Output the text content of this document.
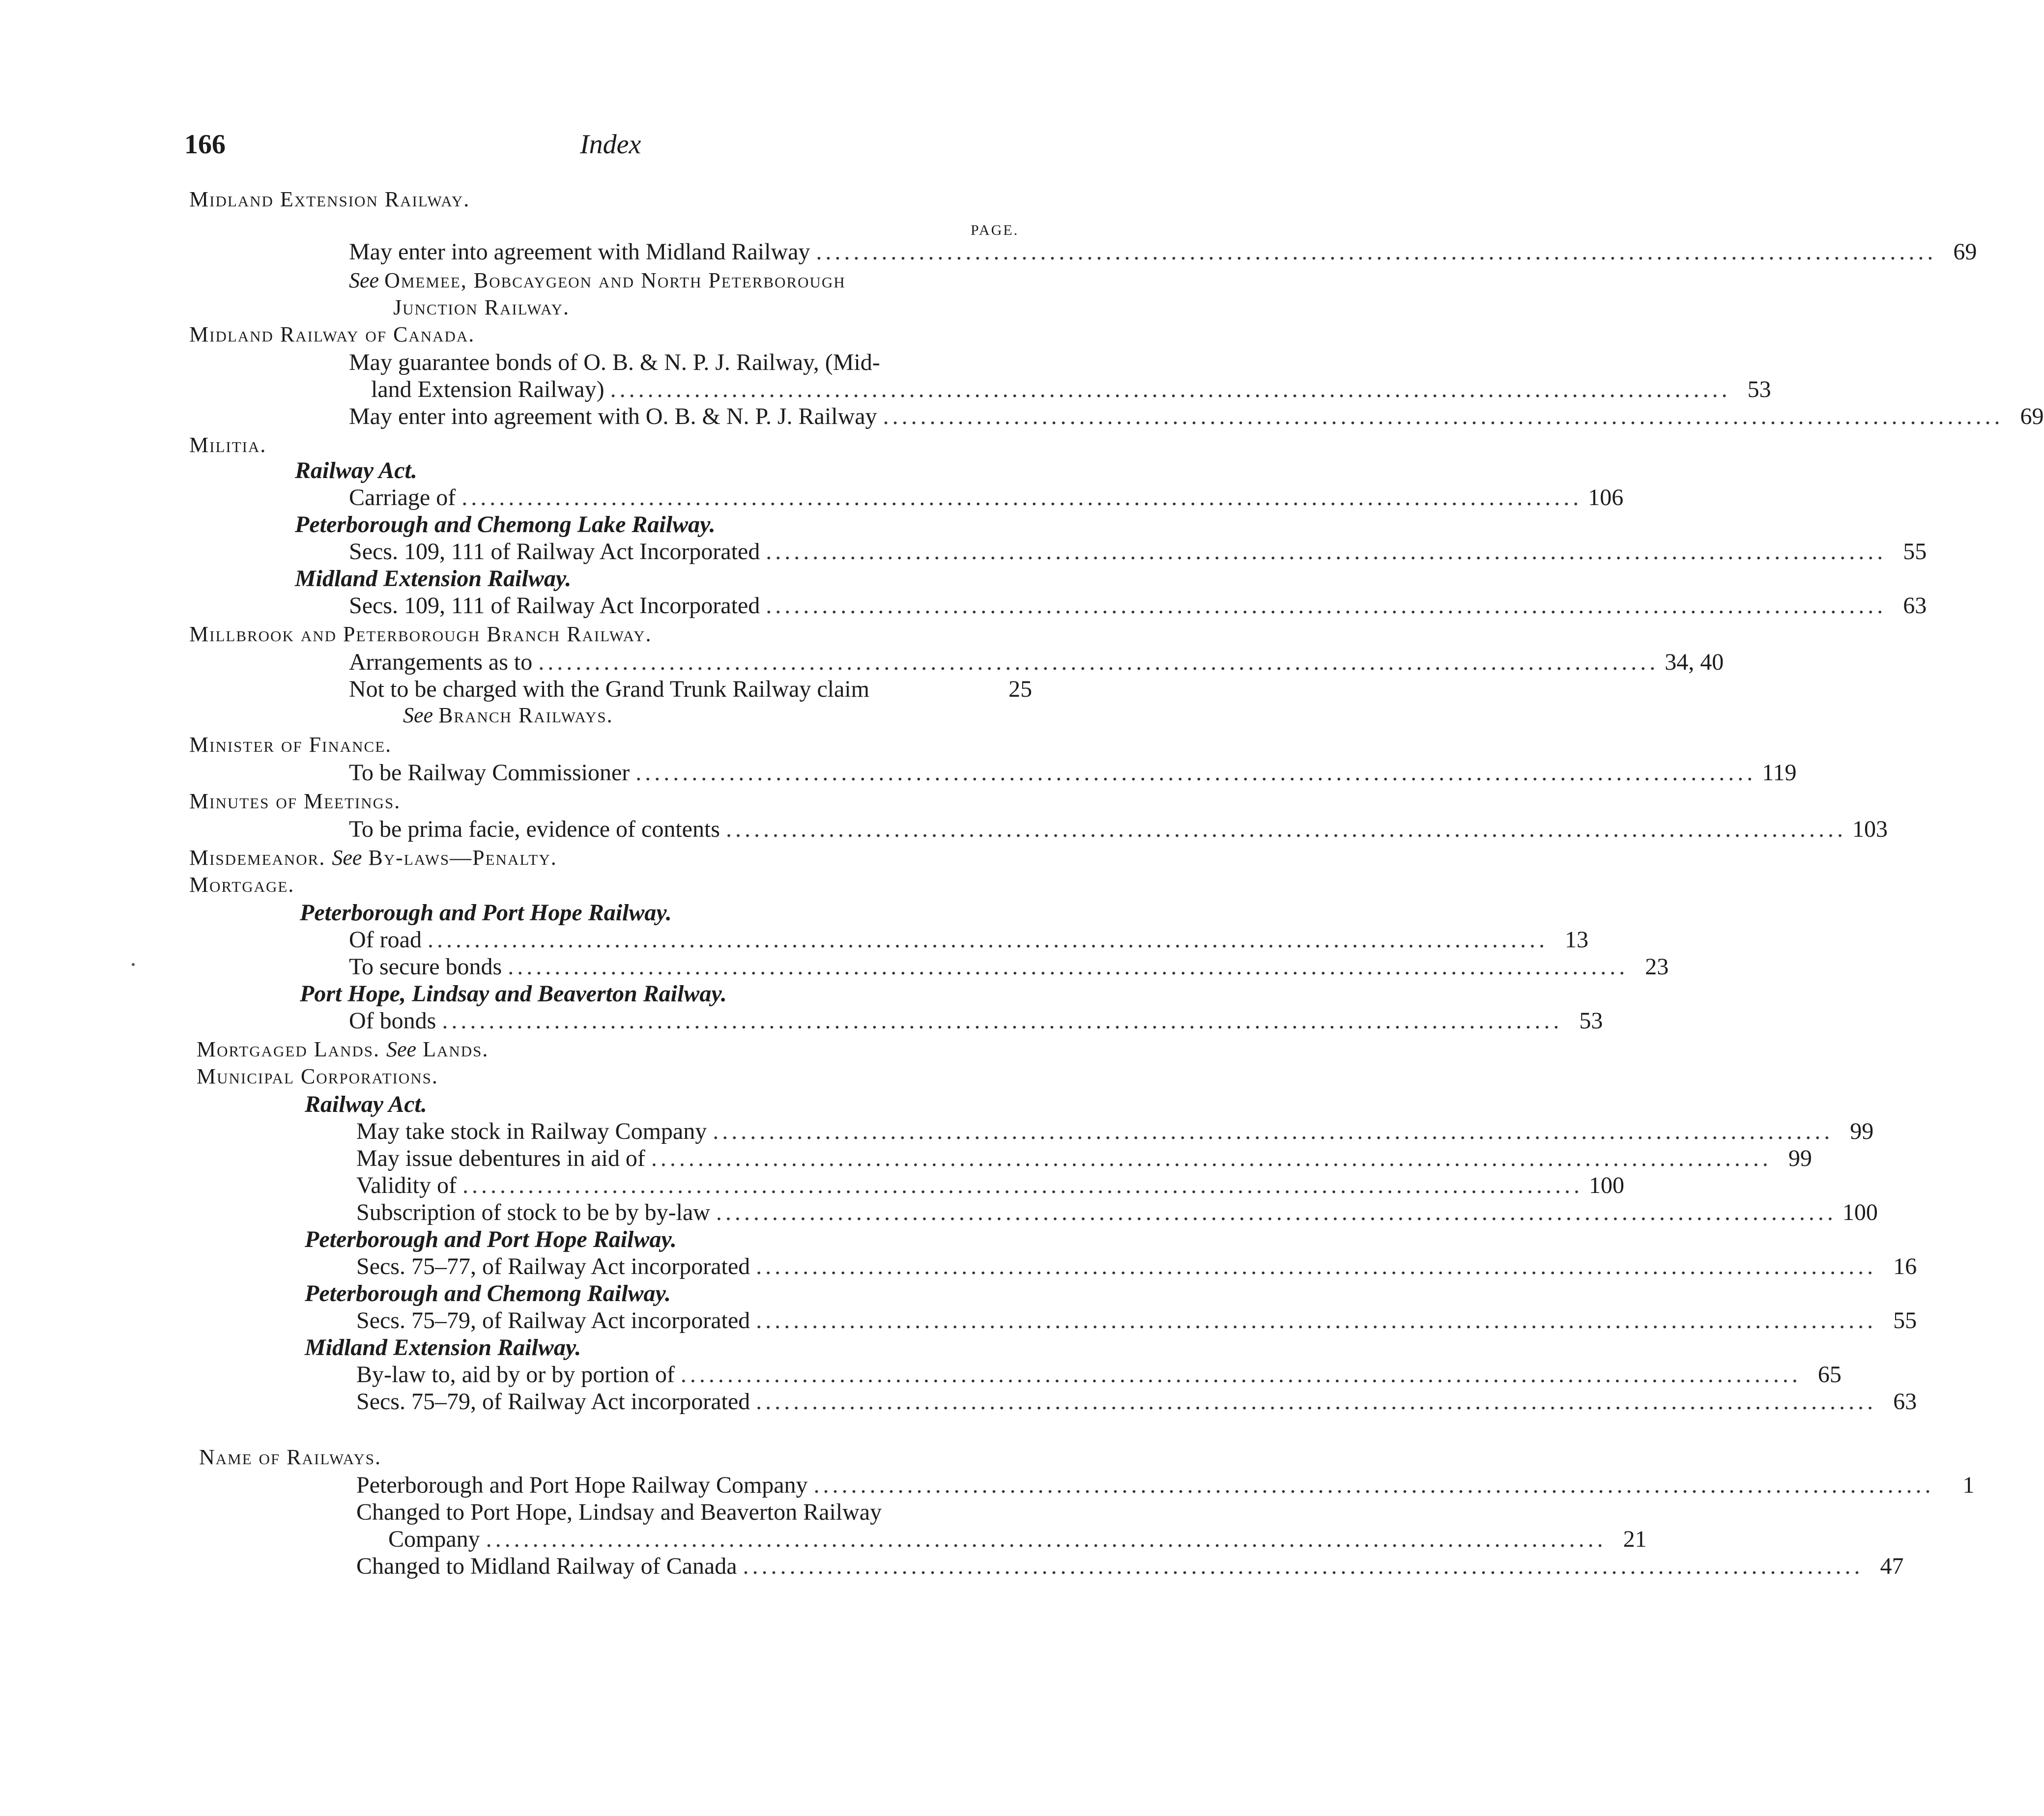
166	Index
PAGE.
Midland Extension Railway.
May enter into agreement with Midland Railway ........................................................................................................................ 69
See Omemee, Bobcaygeon and North Peterborough
Junction Railway.
Midland Railway of Canada.
May guarantee bonds of O. B. & N. P. J. Railway, (Mid-
land Extension Railway) ........................................................................................................................ 53
May enter into agreement with O. B. & N. P. J. Railway ........................................................................................................................ 69
Militia.
Railway Act.
Carriage of ........................................................................................................................ 106
Peterborough and Chemong Lake Railway.
Secs. 109, 111 of Railway Act Incorporated ........................................................................................................................ 55
Midland Extension Railway.
Secs. 109, 111 of Railway Act Incorporated ........................................................................................................................ 63
Millbrook and Peterborough Branch Railway.
Arrangements as to ........................................................................................................................ 34, 40
Not to be charged with the Grand Trunk Railway claim	25
See Branch Railways.
Minister of Finance.
To be Railway Commissioner ........................................................................................................................ 119
Minutes of Meetings.
To be prima facie, evidence of contents ........................................................................................................................ 103
Misdemeanor. See By-laws—Penalty.
Mortgage.
Peterborough and Port Hope Railway.
Of road ........................................................................................................................ 13
To secure bonds ........................................................................................................................ 23
Port Hope, Lindsay and Beaverton Railway.
Of bonds ........................................................................................................................ 53
Mortgaged Lands. See Lands.
Municipal Corporations.
Railway Act.
May take stock in Railway Company ........................................................................................................................ 99
May issue debentures in aid of ........................................................................................................................ 99
Validity of ........................................................................................................................ 100
Subscription of stock to be by by-law ........................................................................................................................ 100
Peterborough and Port Hope Railway.
Secs. 75–77, of Railway Act incorporated ........................................................................................................................ 16
Peterborough and Chemong Railway.
Secs. 75–79, of Railway Act incorporated ........................................................................................................................ 55
Midland Extension Railway.
By-law to, aid by or by portion of ........................................................................................................................ 65
Secs. 75–79, of Railway Act incorporated ........................................................................................................................ 63
Name of Railways.
Peterborough and Port Hope Railway Company ........................................................................................................................	1
Changed to Port Hope, Lindsay and Beaverton Railway
Company ........................................................................................................................ 21
Changed to Midland Railway of Canada ........................................................................................................................ 47
